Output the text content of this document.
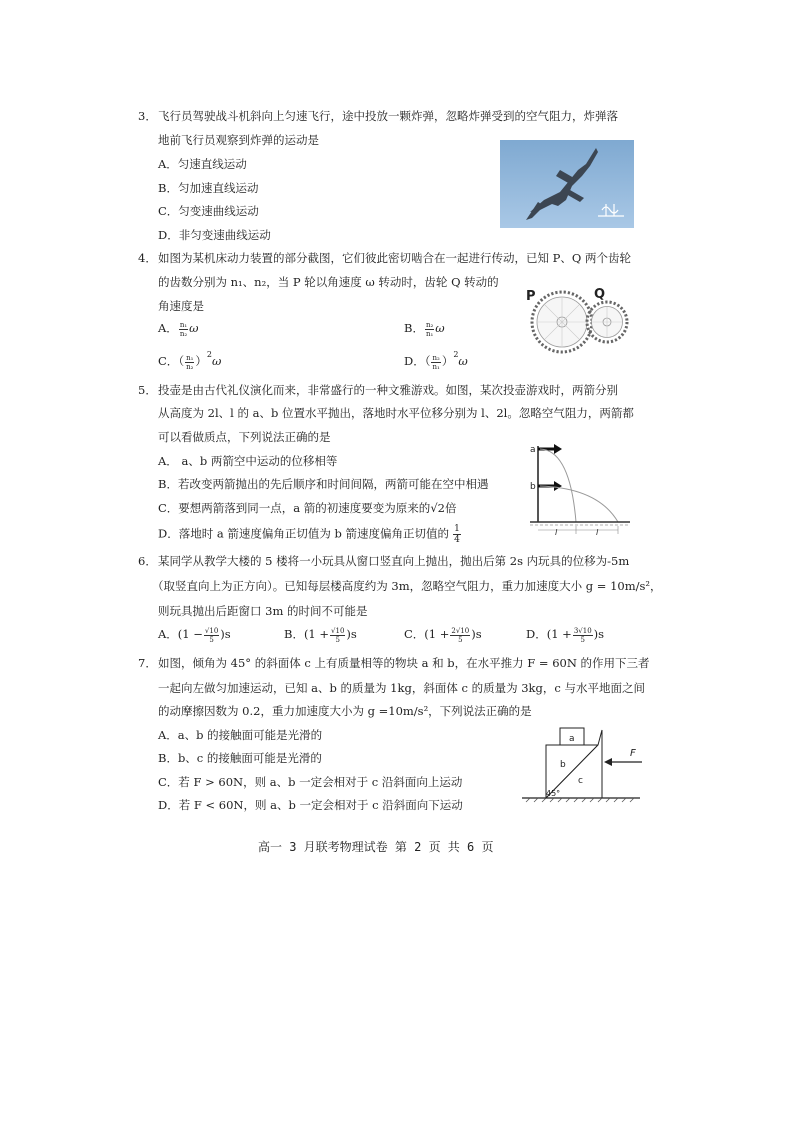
3． 飞行员驾驶战斗机斜向上匀速飞行，途中投放一颗炸弹，忽略炸弹受到的空气阻力，炸弹落
地前飞行员观察到炸弹的运动是
A．匀速直线运动
B．匀加速直线运动
C．匀变速曲线运动
D．非匀变速曲线运动
4． 如图为某机床动力装置的部分截图，它们彼此密切啮合在一起进行传动，已知 P、Q 两个齿轮
的齿数分别为 n₁、n₂，当 P 轮以角速度 ω 转动时，齿轮 Q 转动的
角速度是
A． $\frac{\text{n₁}}{\text{n₂}}$ ω	B． $\frac{\text{n₂}}{\text{n₁}}$ ω
C．（ $\frac{\text{n₁}}{\text{n₂}} )^2\omega$	D．（ $\frac{\text{n₂}}{\text{n₁}} )^2\omega$
P	Q
5． 投壶是由古代礼仪演化而来，非常盛行的一种文雅游戏。如图，某次投壶游戏时，两箭分别
从高度为 2l、l 的 a、b 位置水平抛出，落地时水平位移分别为 l、2l。忽略空气阻力，两箭都
可以看做质点，下列说法正确的是
A． a、b 两箭空中运动的位移相等
B．若改变两箭抛出的先后顺序和时间间隔，两箭可能在空中相遇
C．要想两箭落到同一点，a 箭的初速度要变为原来的√2倍
D．落地时 a 箭速度偏角正切值为 b 箭速度偏角正切值的 $\frac{1}{4}$
a
b
l	l
6． 某同学从教学大楼的 5 楼将一小玩具从窗口竖直向上抛出，抛出后第 2s 内玩具的位移为-5m
（取竖直向上为正方向）。已知每层楼高度约为 3m，忽略空气阻力，重力加速度大小 g = 10m/s²，
则玩具抛出后距窗口 3m 的时间不可能是
A．$(1 - \frac{√10}{5} )s$	B．$(1 + \frac{√10}{5} )s$	C．$(1 + \frac{2√10}{5} )s$	D．$(1 + \frac{3√10}{5} )s$
7． 如图，倾角为 45° 的斜面体 c 上有质量相等的物块 a 和 b，在水平推力 F = 60N 的作用下三者
一起向左做匀加速运动，已知 a、b 的质量为 1kg，斜面体 c 的质量为 3kg，c 与水平地面之间
的动摩擦因数为 0.2，重力加速度大小为 g =10m/s²，下列说法正确的是
A．a、b 的接触面可能是光滑的
B．b、c 的接触面可能是光滑的
C．若 F > 60N，则 a、b 一定会相对于 c 沿斜面向上运动
D．若 F < 60N，则 a、b 一定会相对于 c 沿斜面向下运动
a
b
c
F
45°
高一 3 月联考物理试卷 第 2 页 共 6 页
